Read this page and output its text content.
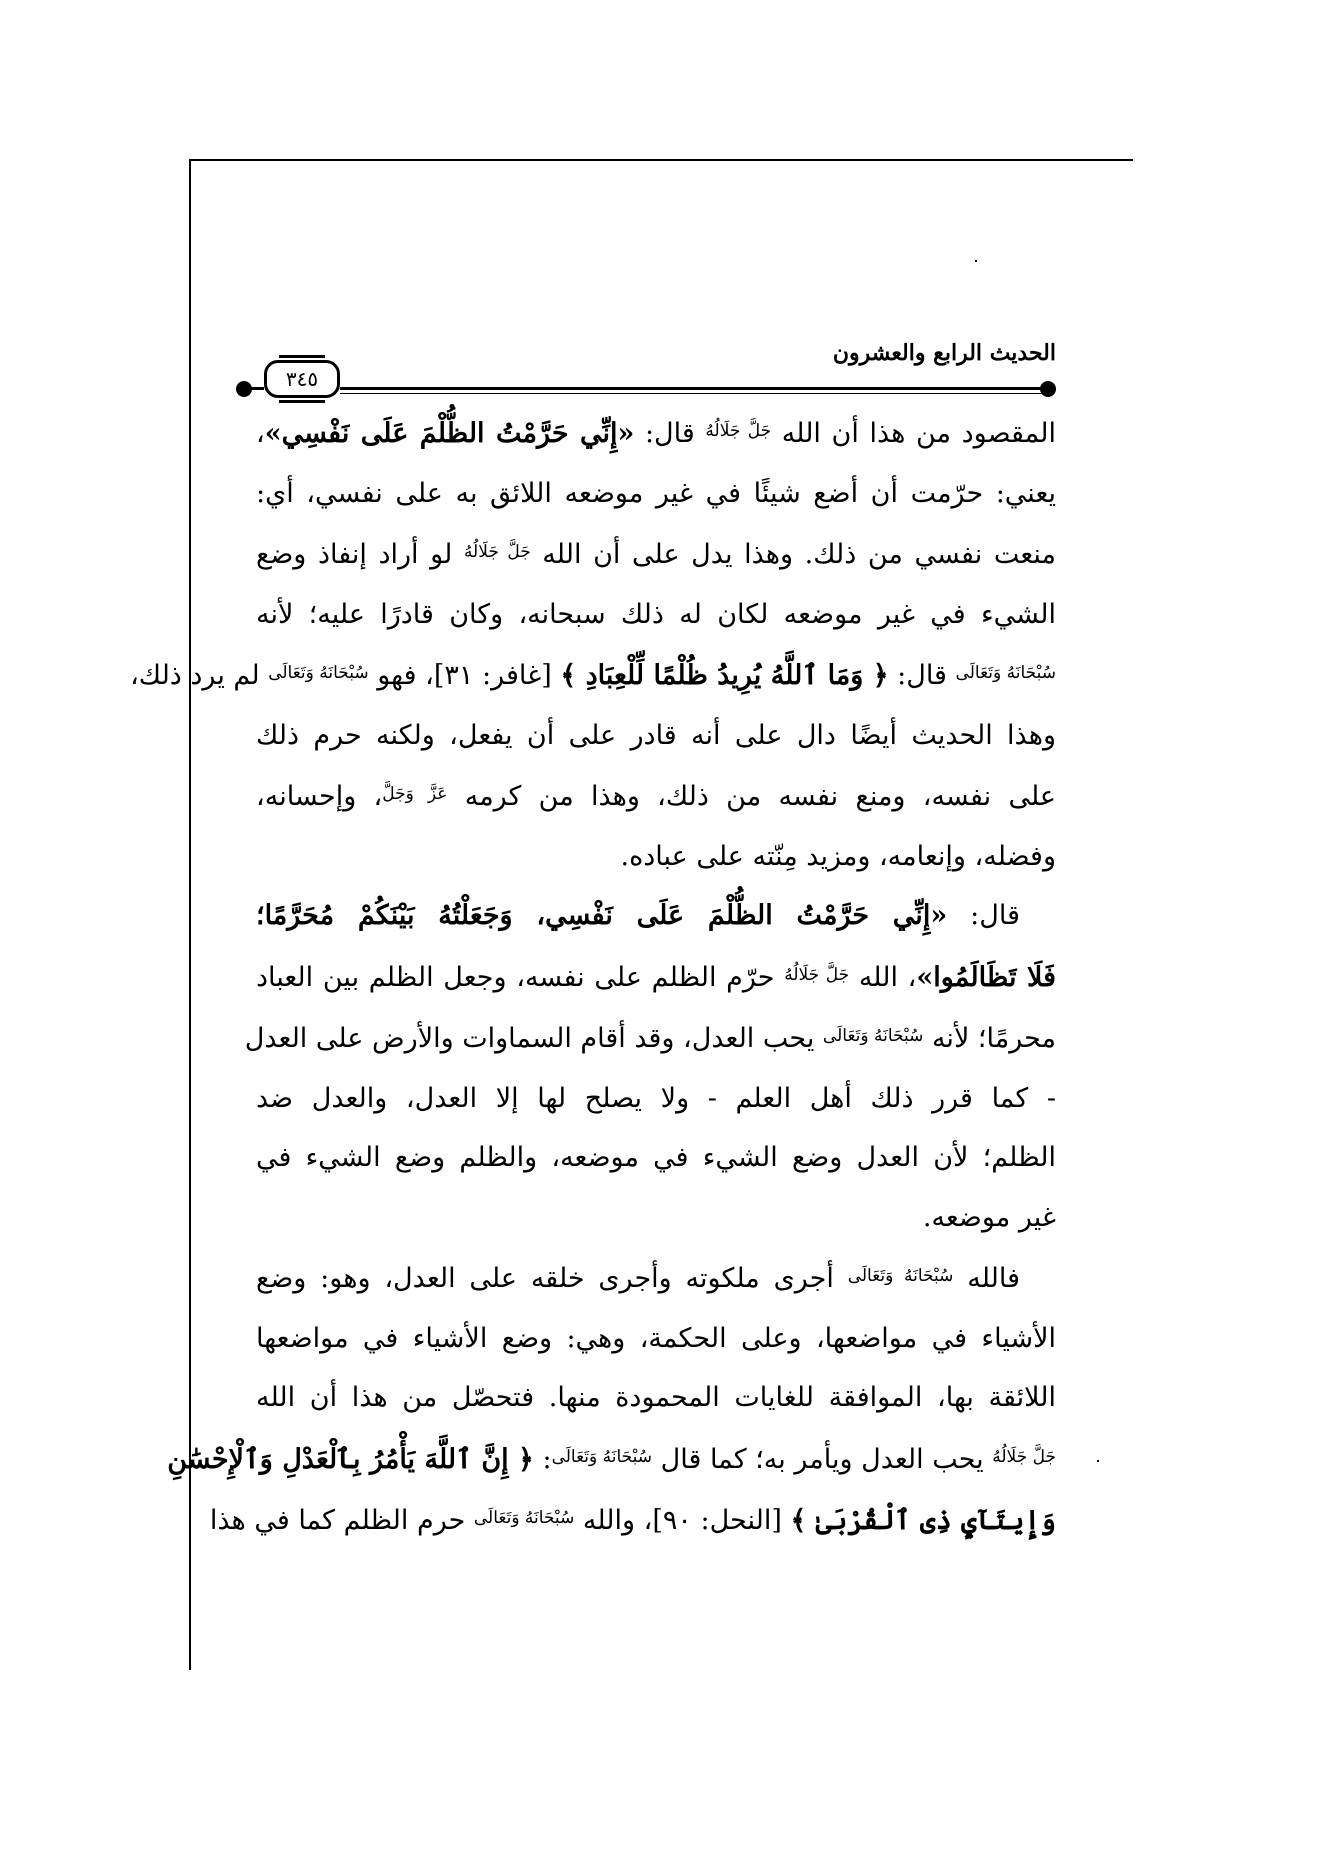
الحديث الرابع والعشرون
٣٤٥
المقصود من هذا أن الله $^{جَلَّ جَلَالُهُ}$ قال: «إِنِّي حَرَّمْتُ الظُّلْمَ عَلَى نَفْسِي»،
يعني: حرّمت أن أضع شيئًا في غير موضعه اللائق به على نفسي، أي:
منعت نفسي من ذلك. وهذا يدل على أن الله $^{جَلَّ جَلَالُهُ}$ لو أراد إنفاذ وضع
الشيء في غير موضعه لكان له ذلك سبحانه، وكان قادرًا عليه؛ لأنه
$^{سُبْحَانَهُ وَتَعَالَى}$ قال: ﴿ وَمَا ٱللَّهُ يُرِيدُ ظُلْمًا لِّلْعِبَادِ ﴾ [غافر: ٣١]، فهو $^{سُبْحَانَهُ وَتَعَالَى}$ لم يرد ذلك،
وهذا الحديث أيضًا دال على أنه قادر على أن يفعل، ولكنه حرم ذلك
على نفسه، ومنع نفسه من ذلك، وهذا من كرمه $^{عَزَّ وَجَلَّ}$، وإحسانه،
وفضله، وإنعامه، ومزيد مِنّته على عباده.
قال: «إِنِّي حَرَّمْتُ الظُّلْمَ عَلَى نَفْسِي، وَجَعَلْتُهُ بَيْنَكُمْ مُحَرَّمًا؛
فَلَا تَظَالَمُوا»، الله $^{جَلَّ جَلَالُهُ}$ حرّم الظلم على نفسه، وجعل الظلم بين العباد
محرمًا؛ لأنه $^{سُبْحَانَهُ وَتَعَالَى}$ يحب العدل، وقد أقام السماوات والأرض على العدل
- كما قرر ذلك أهل العلم - ولا يصلح لها إلا العدل، والعدل ضد
الظلم؛ لأن العدل وضع الشيء في موضعه، والظلم وضع الشيء في
غير موضعه.
فالله $^{سُبْحَانَهُ وَتَعَالَى}$ أجرى ملكوته وأجرى خلقه على العدل، وهو: وضع
الأشياء في مواضعها، وعلى الحكمة، وهي: وضع الأشياء في مواضعها
اللائقة بها، الموافقة للغايات المحمودة منها. فتحصّل من هذا أن الله
$^{جَلَّ جَلَالُهُ}$ يحب العدل ويأمر به؛ كما قال $^{سُبْحَانَهُ وَتَعَالَى}$: ﴿ إِنَّ ٱللَّهَ يَأْمُرُ بِٱلْعَدْلِ وَٱلْإِحْسَٰنِ
وَإِيتَآيِٕ ذِى ٱلْقُرْبَىٰ ﴾ [النحل: ٩٠]، والله $^{سُبْحَانَهُ وَتَعَالَى}$ حرم الظلم كما في هذا
